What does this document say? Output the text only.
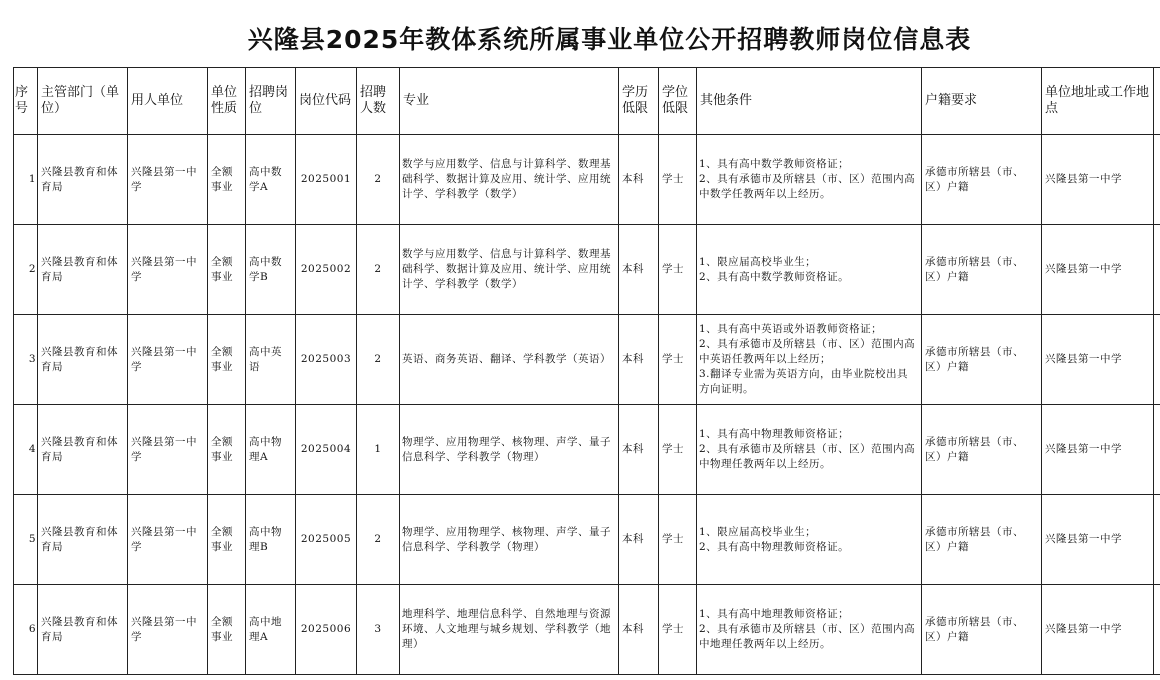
兴隆县2025年教体系统所属事业单位公开招聘教师岗位信息表
序号	主管部门（单位）	用人单位	单位性质	招聘岗位	岗位代码	招聘人数	专业	学历低限	学位低限	其他条件	户籍要求	单位地址或工作地点	
1	兴隆县教育和体育局	兴隆县第一中学	全额事业	高中数学A	2025001	2	数学与应用数学、信息与计算科学、数理基础科学、数据计算及应用、统计学、应用统计学、学科教学（数学）	本科	学士	1、具有高中数学教师资格证；
2、具有承德市及所辖县（市、区）范围内高中数学任教两年以上经历。	承德市所辖县（市、区）户籍	兴隆县第一中学	
2	兴隆县教育和体育局	兴隆县第一中学	全额事业	高中数学B	2025002	2	数学与应用数学、信息与计算科学、数理基础科学、数据计算及应用、统计学、应用统计学、学科教学（数学）	本科	学士	1、限应届高校毕业生；
2、具有高中数学教师资格证。	承德市所辖县（市、区）户籍	兴隆县第一中学	
3	兴隆县教育和体育局	兴隆县第一中学	全额事业	高中英语	2025003	2	英语、商务英语、翻译、学科教学（英语）	本科	学士	1、具有高中英语或外语教师资格证；
2、具有承德市及所辖县（市、区）范围内高中英语任教两年以上经历；
3.翻译专业需为英语方向，由毕业院校出具方向证明。	承德市所辖县（市、区）户籍	兴隆县第一中学	
4	兴隆县教育和体育局	兴隆县第一中学	全额事业	高中物理A	2025004	1	物理学、应用物理学、核物理、声学、量子信息科学、学科教学（物理）	本科	学士	1、具有高中物理教师资格证；
2、具有承德市及所辖县（市、区）范围内高中物理任教两年以上经历。	承德市所辖县（市、区）户籍	兴隆县第一中学	
5	兴隆县教育和体育局	兴隆县第一中学	全额事业	高中物理B	2025005	2	物理学、应用物理学、核物理、声学、量子信息科学、学科教学（物理）	本科	学士	1、限应届高校毕业生；
2、具有高中物理教师资格证。	承德市所辖县（市、区）户籍	兴隆县第一中学	
6	兴隆县教育和体育局	兴隆县第一中学	全额事业	高中地理A	2025006	3	地理科学、地理信息科学、自然地理与资源环境、人文地理与城乡规划、学科教学（地理）	本科	学士	1、具有高中地理教师资格证；
2、具有承德市及所辖县（市、区）范围内高中地理任教两年以上经历。	承德市所辖县（市、区）户籍	兴隆县第一中学	
